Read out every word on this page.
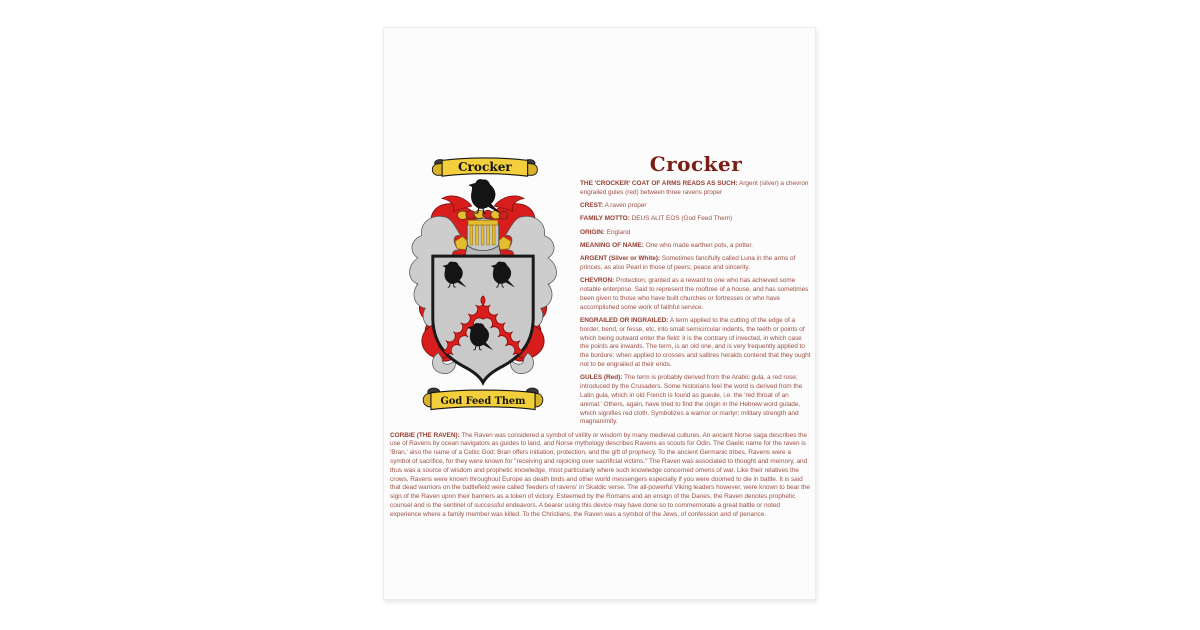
Crocker
God Feed Them
Crocker

THE 'CROCKER' COAT OF ARMS READS AS SUCH: Argent (silver) a chevron engrailed gules (red) between three ravens proper

CREST: A raven proper

FAMILY MOTTO: DEUS ALIT EOS (God Feed Them)

ORIGIN: England

MEANING OF NAME: One who made earthen pots, a potter.

ARGENT (Silver or White): Sometimes fancifully called Luna in the arms of princes, as also Pearl in those of peers; peace and sincerity.

CHEVRON: Protection; granted as a reward to one who has achieved some notable enterprise. Said to represent the rooftree of a house, and has sometimes been given to those who have built churches or fortresses or who have accomplished some work of faithful service.

ENGRAILED OR INGRAILED: A term applied to the cutting of the edge of a border, bend, or fesse, etc, into small semicircular indents, the teeth or points of which being outward enter the field: it is the contrary of invected, in which case the points are inwards. The term, is an old one, and is very frequently applied to the bordure; when applied to crosses and saltires heralds contend that they ought not to be engrailed at their ends.

GULES (Red): The term is probably derived from the Arabic gula, a red rose; introduced by the Crusaders. Some historians feel the word is derived from the Latin gula, which in old French is found as gueule, i.e. the 'red throat of an animal.' Others, again, have tried to find the origin in the Hebrew word gulade, which signifies red cloth. Symbolizes a warrior or martyr; military strength and magnanimity.

CORBIE (THE RAVEN): The Raven was considered a symbol of virility or wisdom by many medieval cultures. An ancient Norse saga describes the use of Ravens by ocean navigators as guides to land, and Norse mythology describes Ravens as scouts for Odin. The Gaelic name for the raven is 'Bran,' also the name of a Celtic God; Bran offers initiation, protection, and the gift of prophecy. To the ancient Germanic tribes, Ravens were a symbol of sacrifice, for they were known for "receiving and rejoicing over sacrificial victims." The Raven was associated to thought and memory, and thus was a source of wisdom and prophetic knowledge, most particularly where such knowledge concerned omens of war. Like their relatives the crows, Ravens were known throughout Europe as death birds and other world messengers especially if you were doomed to die in battle. It is said that dead warriors on the battlefield were called 'feeders of ravens' in Skaldic verse. The all-powerful Viking leaders however, were known to bear the sign of the Raven upon their banners as a token of victory. Esteemed by the Romans and an ensign of the Danes, the Raven denotes prophetic counsel and is the sentinel of successful endeavors. A bearer using this device may have done so to commemorate a great battle or noted experience where a family member was killed. To the Christians, the Raven was a symbol of the Jews, of confession and of penance.
